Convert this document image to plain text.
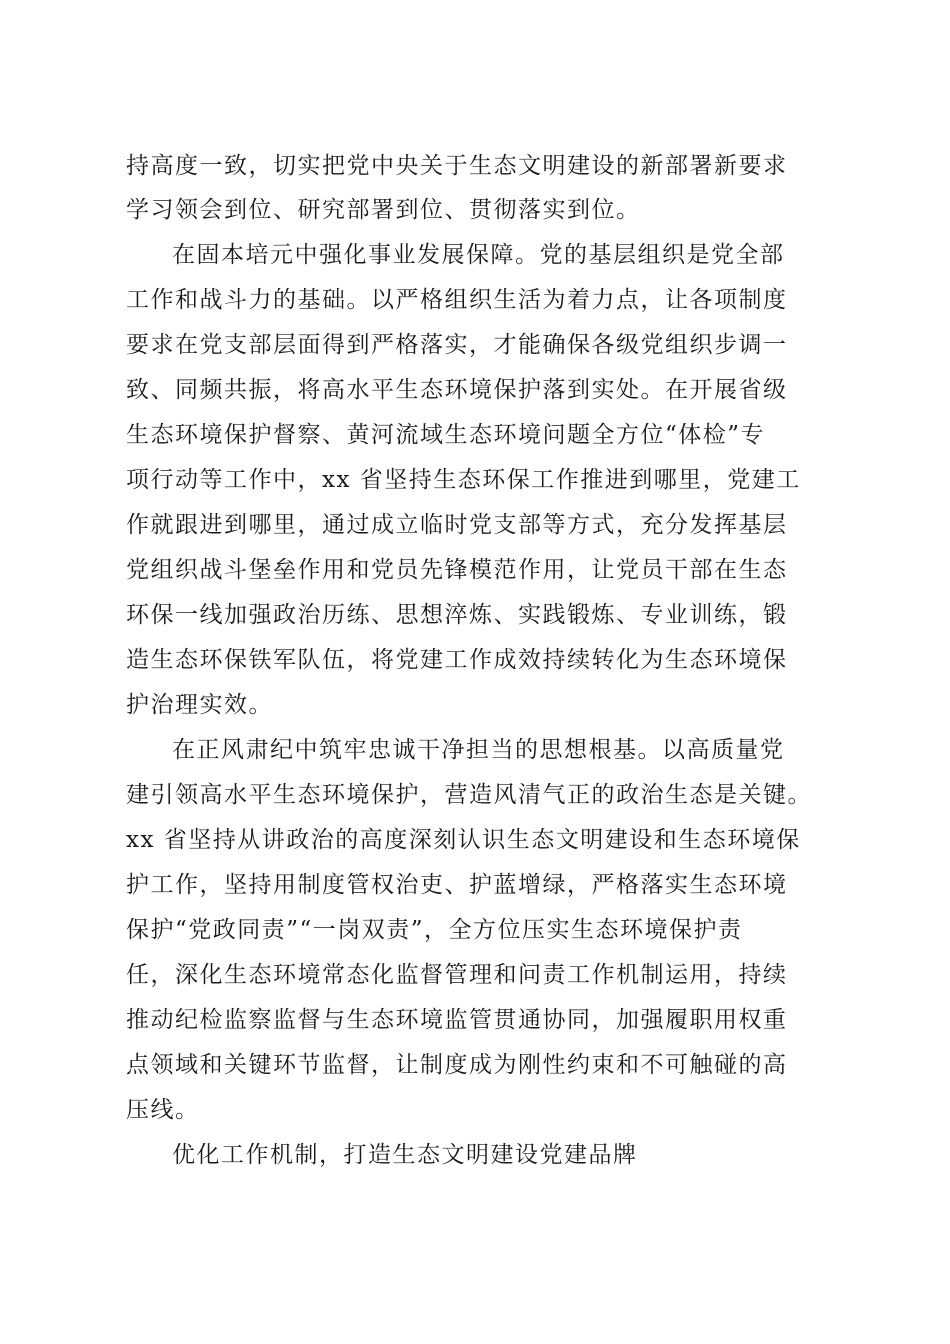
持高度一致，切实把党中央关于生态文明建设的新部署新要求
学习领会到位、研究部署到位、贯彻落实到位。
在固本培元中强化事业发展保障。党的基层组织是党全部
工作和战斗力的基础。以严格组织生活为着力点，让各项制度
要求在党支部层面得到严格落实，才能确保各级党组织步调一
致、同频共振，将高水平生态环境保护落到实处。在开展省级
生态环境保护督察、黄河流域生态环境问题全方位“体检”专
项行动等工作中，xx 省坚持生态环保工作推进到哪里，党建工
作就跟进到哪里，通过成立临时党支部等方式，充分发挥基层
党组织战斗堡垒作用和党员先锋模范作用，让党员干部在生态
环保一线加强政治历练、思想淬炼、实践锻炼、专业训练，锻
造生态环保铁军队伍，将党建工作成效持续转化为生态环境保
护治理实效。
在正风肃纪中筑牢忠诚干净担当的思想根基。以高质量党
建引领高水平生态环境保护，营造风清气正的政治生态是关键。
xx 省坚持从讲政治的高度深刻认识生态文明建设和生态环境保
护工作，坚持用制度管权治吏、护蓝增绿，严格落实生态环境
保护“党政同责”“一岗双责”，全方位压实生态环境保护责
任，深化生态环境常态化监督管理和问责工作机制运用，持续
推动纪检监察监督与生态环境监管贯通协同，加强履职用权重
点领域和关键环节监督，让制度成为刚性约束和不可触碰的高
压线。
优化工作机制，打造生态文明建设党建品牌
